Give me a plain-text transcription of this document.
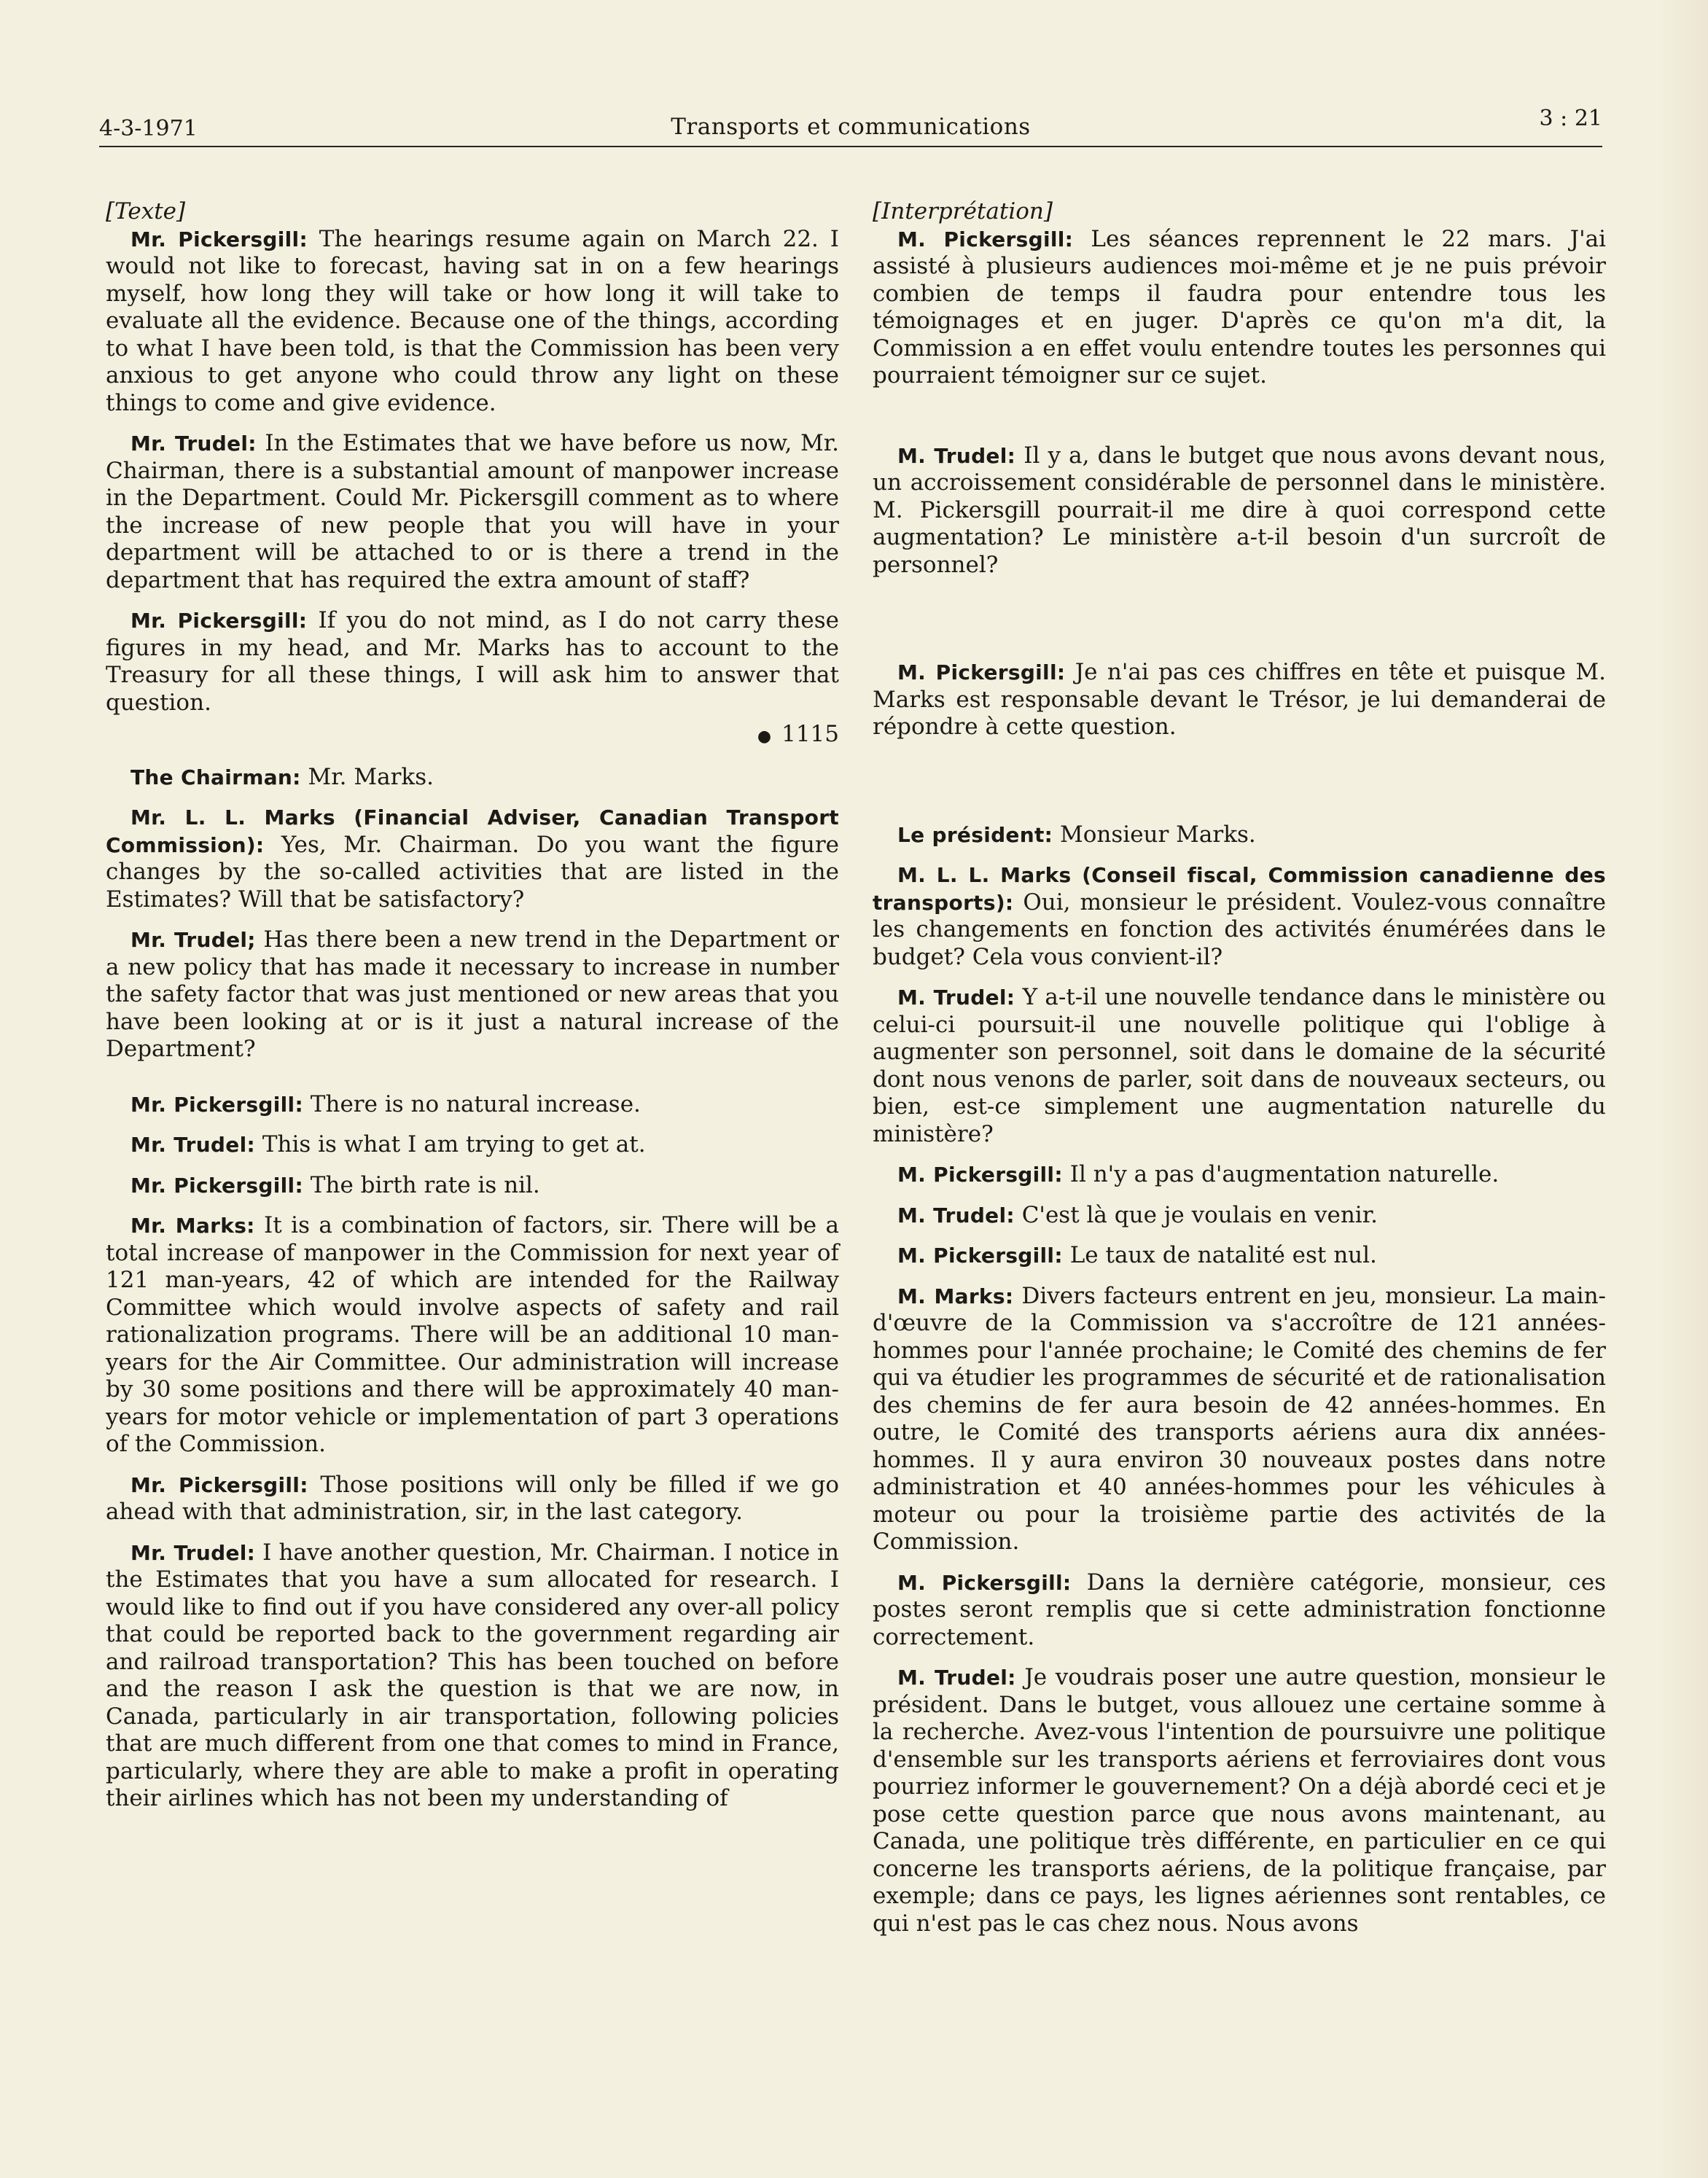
4-3-1971	Transports et communications	3 : 21

[Texte]

Mr. Pickersgill: The hearings resume again on March 22. I would not like to forecast, having sat in on a few hearings myself, how long they will take or how long it will take to evaluate all the evidence. Because one of the things, according to what I have been told, is that the Commission has been very anxious to get anyone who could throw any light on these things to come and give evidence.

Mr. Trudel: In the Estimates that we have before us now, Mr. Chairman, there is a substantial amount of manpower increase in the Department. Could Mr. Pickersgill comment as to where the increase of new people that you will have in your department will be attached to or is there a trend in the department that has required the extra amount of staff?

Mr. Pickersgill: If you do not mind, as I do not carry these figures in my head, and Mr. Marks has to account to the Treasury for all these things, I will ask him to answer that question.

● 1115

The Chairman: Mr. Marks.

Mr. L. L. Marks (Financial Adviser, Canadian Transport Commission): Yes, Mr. Chairman. Do you want the figure changes by the so-called activities that are listed in the Estimates? Will that be satisfactory?

Mr. Trudel; Has there been a new trend in the Department or a new policy that has made it necessary to increase in number the safety factor that was just mentioned or new areas that you have been looking at or is it just a natural increase of the Department?

Mr. Pickersgill: There is no natural increase.

Mr. Trudel: This is what I am trying to get at.

Mr. Pickersgill: The birth rate is nil.

Mr. Marks: It is a combination of factors, sir. There will be a total increase of manpower in the Commission for next year of 121 man-years, 42 of which are intended for the Railway Committee which would involve aspects of safety and rail rationalization programs. There will be an additional 10 man-years for the Air Committee. Our administration will increase by 30 some positions and there will be approximately 40 man-years for motor vehicle or implementation of part 3 operations of the Commission.

Mr. Pickersgill: Those positions will only be filled if we go ahead with that administration, sir, in the last category.

Mr. Trudel: I have another question, Mr. Chairman. I notice in the Estimates that you have a sum allocated for research. I would like to find out if you have considered any over-all policy that could be reported back to the government regarding air and railroad transportation? This has been touched on before and the reason I ask the question is that we are now, in Canada, particularly in air transportation, following policies that are much different from one that comes to mind in France, particularly, where they are able to make a profit in operating their airlines which has not been my understanding of

[Interprétation]

M. Pickersgill: Les séances reprennent le 22 mars. J'ai assisté à plusieurs audiences moi-même et je ne puis prévoir combien de temps il faudra pour entendre tous les témoignages et en juger. D'après ce qu'on m'a dit, la Commission a en effet voulu entendre toutes les personnes qui pourraient témoigner sur ce sujet.

M. Trudel: Il y a, dans le butget que nous avons devant nous, un accroissement considérable de personnel dans le ministère. M. Pickersgill pourrait-il me dire à quoi correspond cette augmentation? Le ministère a-t-il besoin d'un surcroît de personnel?

M. Pickersgill: Je n'ai pas ces chiffres en tête et puisque M. Marks est responsable devant le Trésor, je lui demanderai de répondre à cette question.

Le président: Monsieur Marks.

M. L. L. Marks (Conseil fiscal, Commission canadienne des transports): Oui, monsieur le président. Voulez-vous connaître les changements en fonction des activités énumérées dans le budget? Cela vous convient-il?

M. Trudel: Y a-t-il une nouvelle tendance dans le ministère ou celui-ci poursuit-il une nouvelle politique qui l'oblige à augmenter son personnel, soit dans le domaine de la sécurité dont nous venons de parler, soit dans de nouveaux secteurs, ou bien, est-ce simplement une augmentation naturelle du ministère?

M. Pickersgill: Il n'y a pas d'augmentation naturelle.

M. Trudel: C'est là que je voulais en venir.

M. Pickersgill: Le taux de natalité est nul.

M. Marks: Divers facteurs entrent en jeu, monsieur. La main-d'œuvre de la Commission va s'accroître de 121 années-hommes pour l'année prochaine; le Comité des chemins de fer qui va étudier les programmes de sécurité et de rationalisation des chemins de fer aura besoin de 42 années-hommes. En outre, le Comité des transports aériens aura dix années-hommes. Il y aura environ 30 nouveaux postes dans notre administration et 40 années-hommes pour les véhicules à moteur ou pour la troisième partie des activités de la Commission.

M. Pickersgill: Dans la dernière catégorie, monsieur, ces postes seront remplis que si cette administration fonctionne correctement.

M. Trudel: Je voudrais poser une autre question, monsieur le président. Dans le butget, vous allouez une certaine somme à la recherche. Avez-vous l'intention de poursuivre une politique d'ensemble sur les transports aériens et ferroviaires dont vous pourriez informer le gouvernement? On a déjà abordé ceci et je pose cette question parce que nous avons maintenant, au Canada, une politique très différente, en particulier en ce qui concerne les transports aériens, de la politique française, par exemple; dans ce pays, les lignes aériennes sont rentables, ce qui n'est pas le cas chez nous. Nous avons
